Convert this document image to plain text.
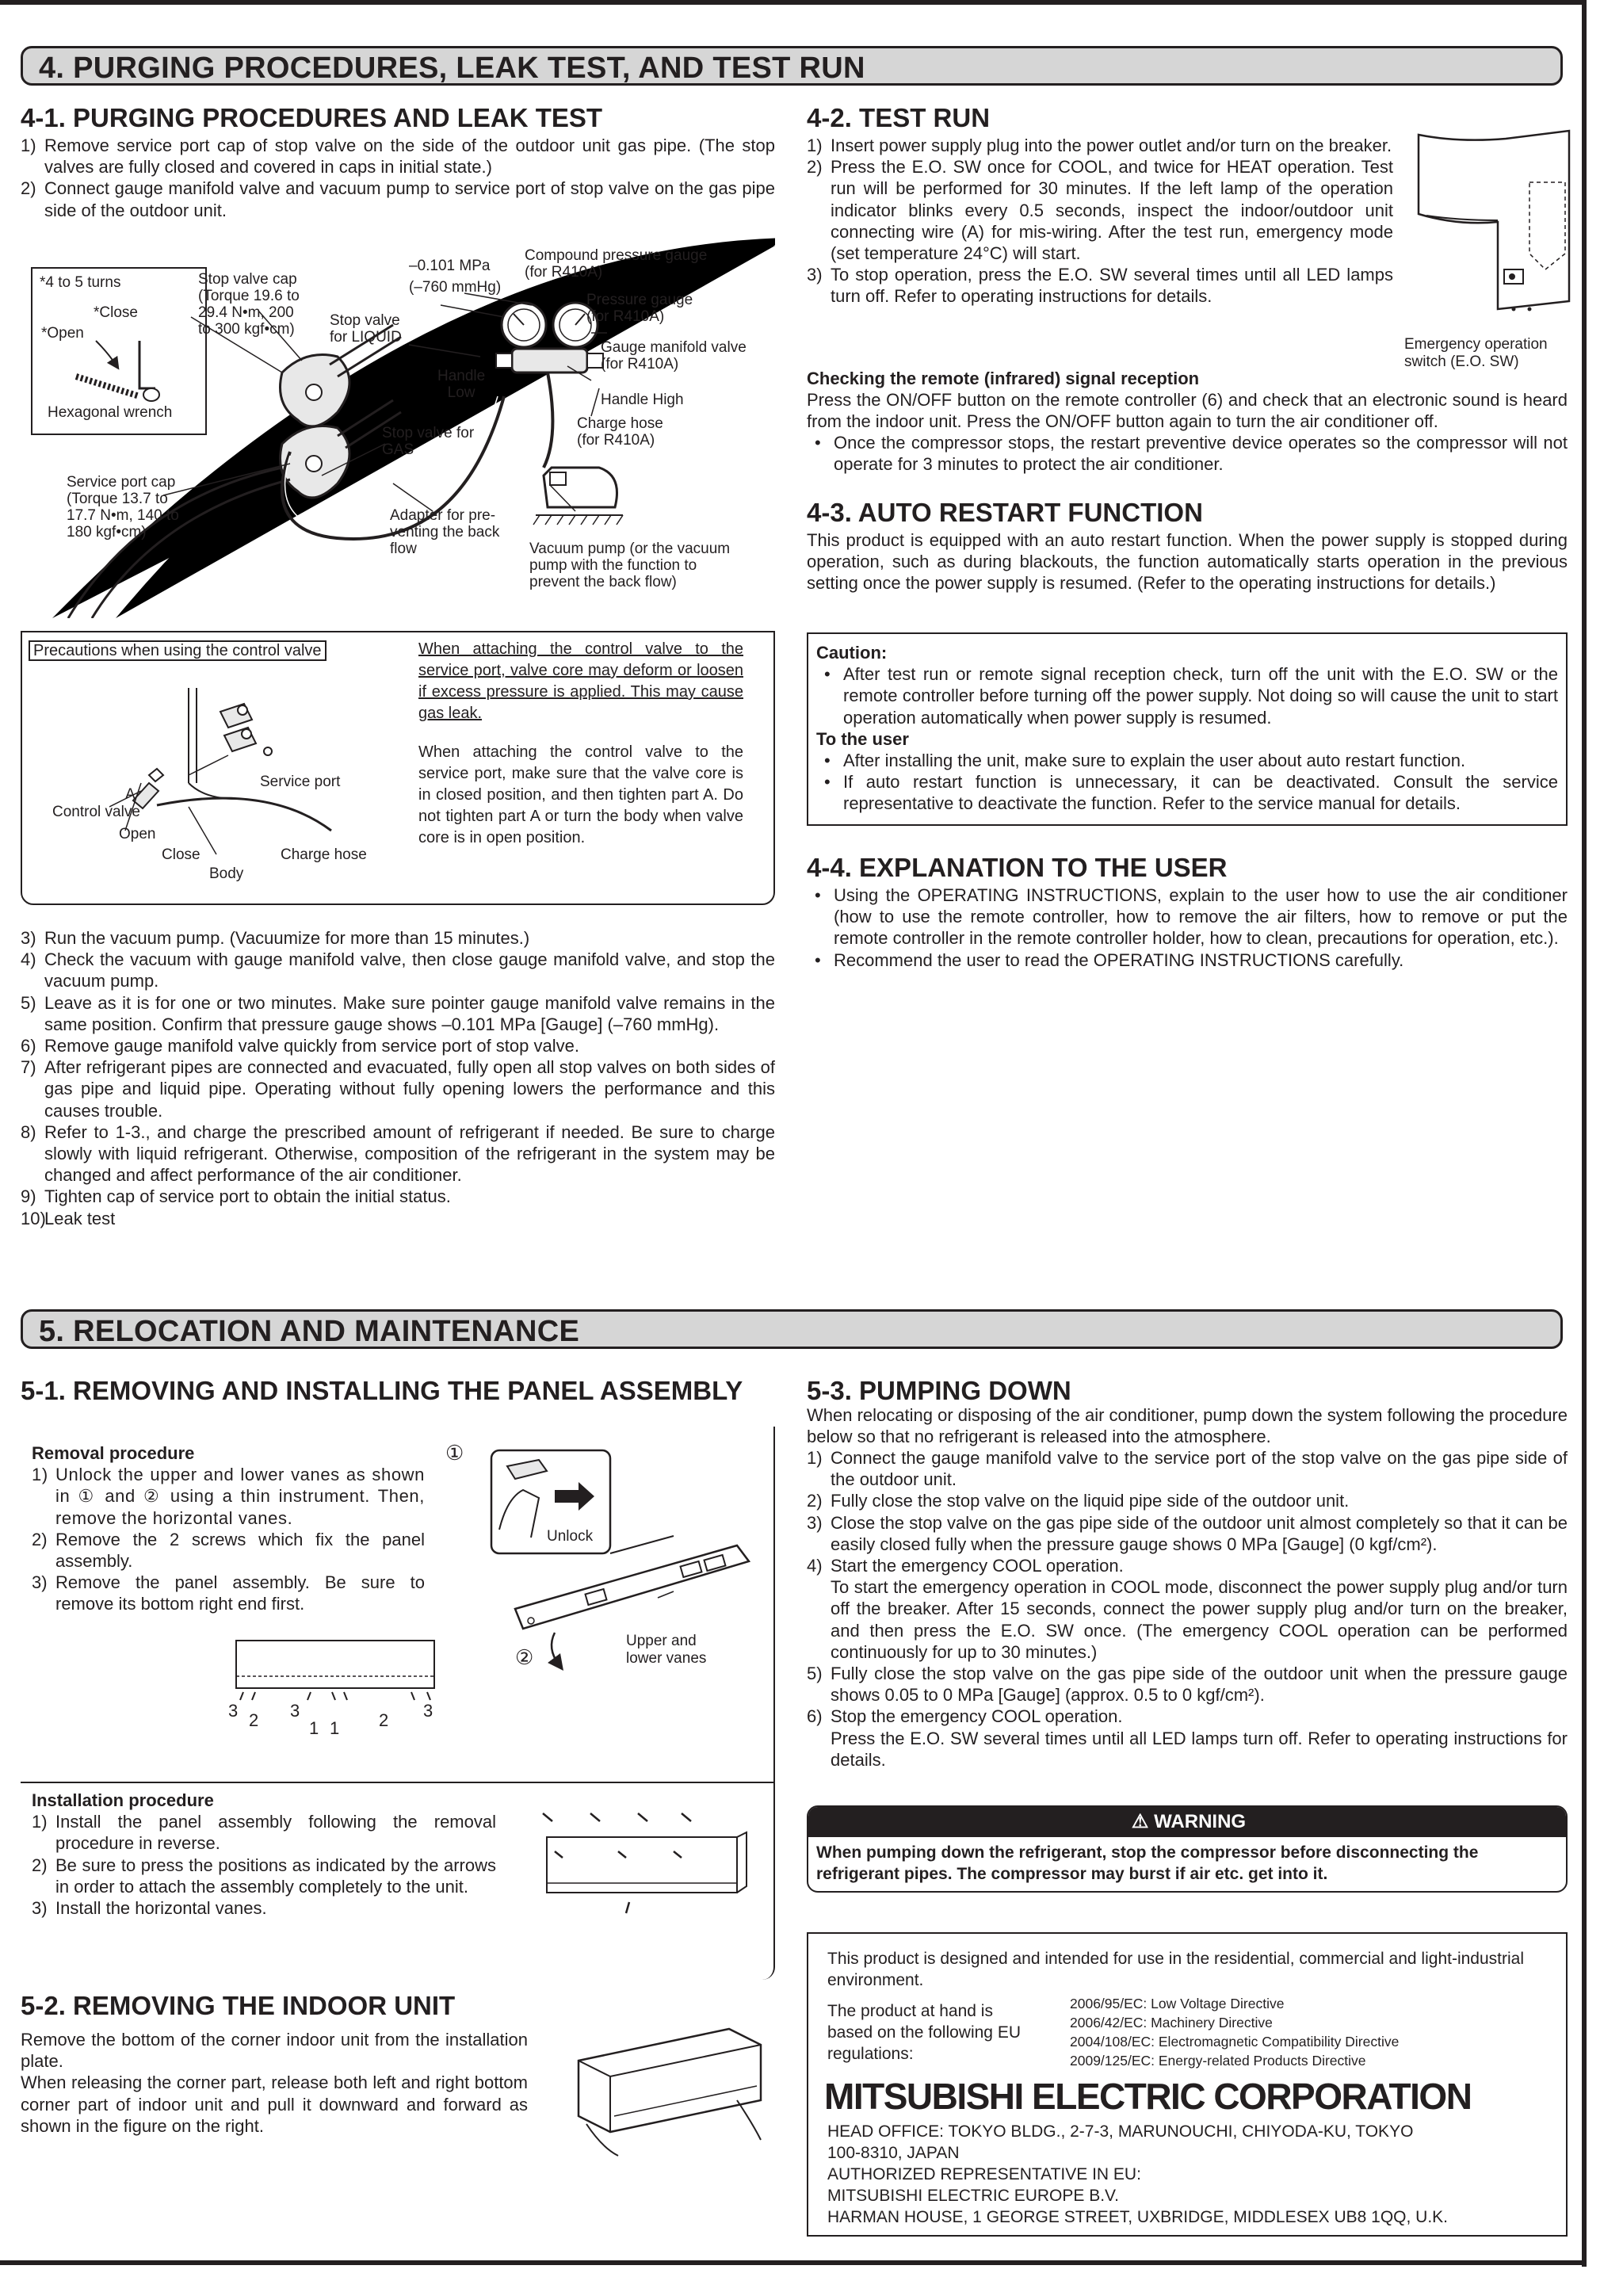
4. PURGING PROCEDURES, LEAK TEST, AND TEST RUN
4-1. PURGING PROCEDURES AND LEAK TEST
1) Remove service port cap of stop valve on the side of the outdoor unit gas pipe. (The stop valves are fully closed and covered in caps in initial state.)
2) Connect gauge manifold valve and vacuum pump to service port of stop valve on the gas pipe side of the outdoor unit.
*4 to 5 turns
*Close
*Open
Hexagonal wrench
Stop valve cap
(Torque 19.6 to
29.4 N•m, 200
to 300 kgf•cm)
Stop valve
for LIQUID
–0.101 MPa
(–760 mmHg)
Compound pressure gauge
(for R410A)
Pressure gauge
(for R410A)
Gauge manifold valve
(for R410A)
Handle
Low	Handle High
Stop valve for
GAS
Charge hose
(for R410A)
Service port cap
(Torque 13.7 to
17.7 N•m, 140 to
180 kgf•cm)
Adapter for pre-
venting the back
flow	Vacuum pump (or the vacuum
pump with the function to
prevent the back flow)
Precautions when using the control valve	When attaching the control valve to the service port, valve core may deform or loosen if excess pressure is applied. This may cause gas leak.
When attaching the control valve to the service port, make sure that the valve core is in closed position, and then tighten part A. Do not tighten part A or turn the body when valve core is in open position.
A
Control valve
Open
Close
Body
Service port
Charge hose
3) Run the vacuum pump. (Vacuumize for more than 15 minutes.)
4) Check the vacuum with gauge manifold valve, then close gauge manifold valve, and stop the vacuum pump.
5) Leave as it is for one or two minutes. Make sure pointer gauge manifold valve remains in the same position. Confirm that pressure gauge shows –0.101 MPa [Gauge] (–760 mmHg).
6) Remove gauge manifold valve quickly from service port of stop valve.
7) After refrigerant pipes are connected and evacuated, fully open all stop valves on both sides of gas pipe and liquid pipe. Operating without fully opening lowers the performance and this causes trouble.
8) Refer to 1-3., and charge the prescribed amount of refrigerant if needed. Be sure to charge slowly with liquid refrigerant. Otherwise, composition of the refrigerant in the system may be changed and affect performance of the air conditioner.
9) Tighten cap of service port to obtain the initial status.
10)
Leak test
4-2. TEST RUN
1) Insert power supply plug into the power outlet and/or turn on the breaker.
2) Press the E.O. SW once for COOL, and twice for HEAT operation. Test run will be performed for 30 minutes. If the left lamp of the operation indicator blinks every 0.5 seconds, inspect the indoor/outdoor unit connecting wire (A) for mis-wiring. After the test run, emergency mode (set temperature 24°C) will start.
3) To stop operation, press the E.O. SW several times until all LED lamps turn off. Refer to operating instructions for details.
Emergency operation
switch (E.O. SW)
Checking the remote (infrared) signal reception
Press the ON/OFF button on the remote controller (6) and check that an electronic sound is heard from the indoor unit. Press the ON/OFF button again to turn the air conditioner off.
• Once the compressor stops, the restart preventive device operates so the compressor will not operate for 3 minutes to protect the air conditioner.
4-3. AUTO RESTART FUNCTION
This product is equipped with an auto restart function. When the power supply is stopped during operation, such as during blackouts, the function automatically starts operation in the previous setting once the power supply is resumed. (Refer to the operating instructions for details.)
Caution:
• After test run or remote signal reception check, turn off the unit with the E.O. SW or the remote controller before turning off the power supply. Not doing so will cause the unit to start operation automatically when power supply is resumed.
To the user
• After installing the unit, make sure to explain the user about auto restart function.
• If auto restart function is unnecessary, it can be deactivated. Consult the service representative to deactivate the function. Refer to the service manual for details.
4-4. EXPLANATION TO THE USER
• Using the OPERATING INSTRUCTIONS, explain to the user how to use the air conditioner (how to use the remote controller, how to remove the air filters, how to remove or put the remote controller in the remote controller holder, how to clean, precautions for operation, etc.).
• Recommend the user to read the OPERATING INSTRUCTIONS carefully.
5. RELOCATION AND MAINTENANCE
5-1. REMOVING AND INSTALLING THE PANEL ASSEMBLY
Removal procedure
1) Unlock the upper and lower vanes as shown in ① and ② using a thin instrument. Then, remove the horizontal vanes.
2) Remove the 2 screws which fix the panel assembly.
3) Remove the panel assembly. Be sure to remove its bottom right end first.
①
Unlock
Upper and
lower vanes
②
3 2 3
1 1 2 3
Installation procedure
1) Install the panel assembly following the removal procedure in reverse.
2) Be sure to press the positions as indicated by the arrows in order to attach the assembly completely to the unit.
3) Install the horizontal vanes.
5-2. REMOVING THE INDOOR UNIT
Remove the bottom of the corner indoor unit from the installation plate.
When releasing the corner part, release both left and right bottom corner part of indoor unit and pull it downward and forward as shown in the figure on the right.
5-3. PUMPING DOWN
When relocating or disposing of the air conditioner, pump down the system following the procedure below so that no refrigerant is released into the atmosphere.
1) Connect the gauge manifold valve to the service port of the stop valve on the gas pipe side of the outdoor unit.
2) Fully close the stop valve on the liquid pipe side of the outdoor unit.
3) Close the stop valve on the gas pipe side of the outdoor unit almost completely so that it can be easily closed fully when the pressure gauge shows 0 MPa [Gauge] (0 kgf/cm²).
4) Start the emergency COOL operation.
To start the emergency operation in COOL mode, disconnect the power supply plug and/or turn off the breaker. After 15 seconds, connect the power supply plug and/or turn on the breaker, and then press the E.O. SW once. (The emergency COOL operation can be performed continuously for up to 30 minutes.)
5) Fully close the stop valve on the gas pipe side of the outdoor unit when the pressure gauge shows 0.05 to 0 MPa [Gauge] (approx. 0.5 to 0 kgf/cm²).
6) Stop the emergency COOL operation.
Press the E.O. SW several times until all LED lamps turn off. Refer to operating instructions for details.
⚠ WARNING
When pumping down the refrigerant, stop the compressor before disconnecting the refrigerant pipes. The compressor may burst if air etc. get into it.
This product is designed and intended for use in the residential, commercial and light-industrial environment.
The product at hand is based on the following EU regulations:
2006/95/EC: Low Voltage Directive
2006/42/EC: Machinery Directive
2004/108/EC: Electromagnetic Compatibility Directive
2009/125/EC: Energy-related Products Directive
MITSUBISHI ELECTRIC CORPORATION
HEAD OFFICE: TOKYO BLDG., 2-7-3, MARUNOUCHI, CHIYODA-KU, TOKYO
100-8310, JAPAN
AUTHORIZED REPRESENTATIVE IN EU:
MITSUBISHI ELECTRIC EUROPE B.V.
HARMAN HOUSE, 1 GEORGE STREET, UXBRIDGE, MIDDLESEX UB8 1QQ, U.K.
